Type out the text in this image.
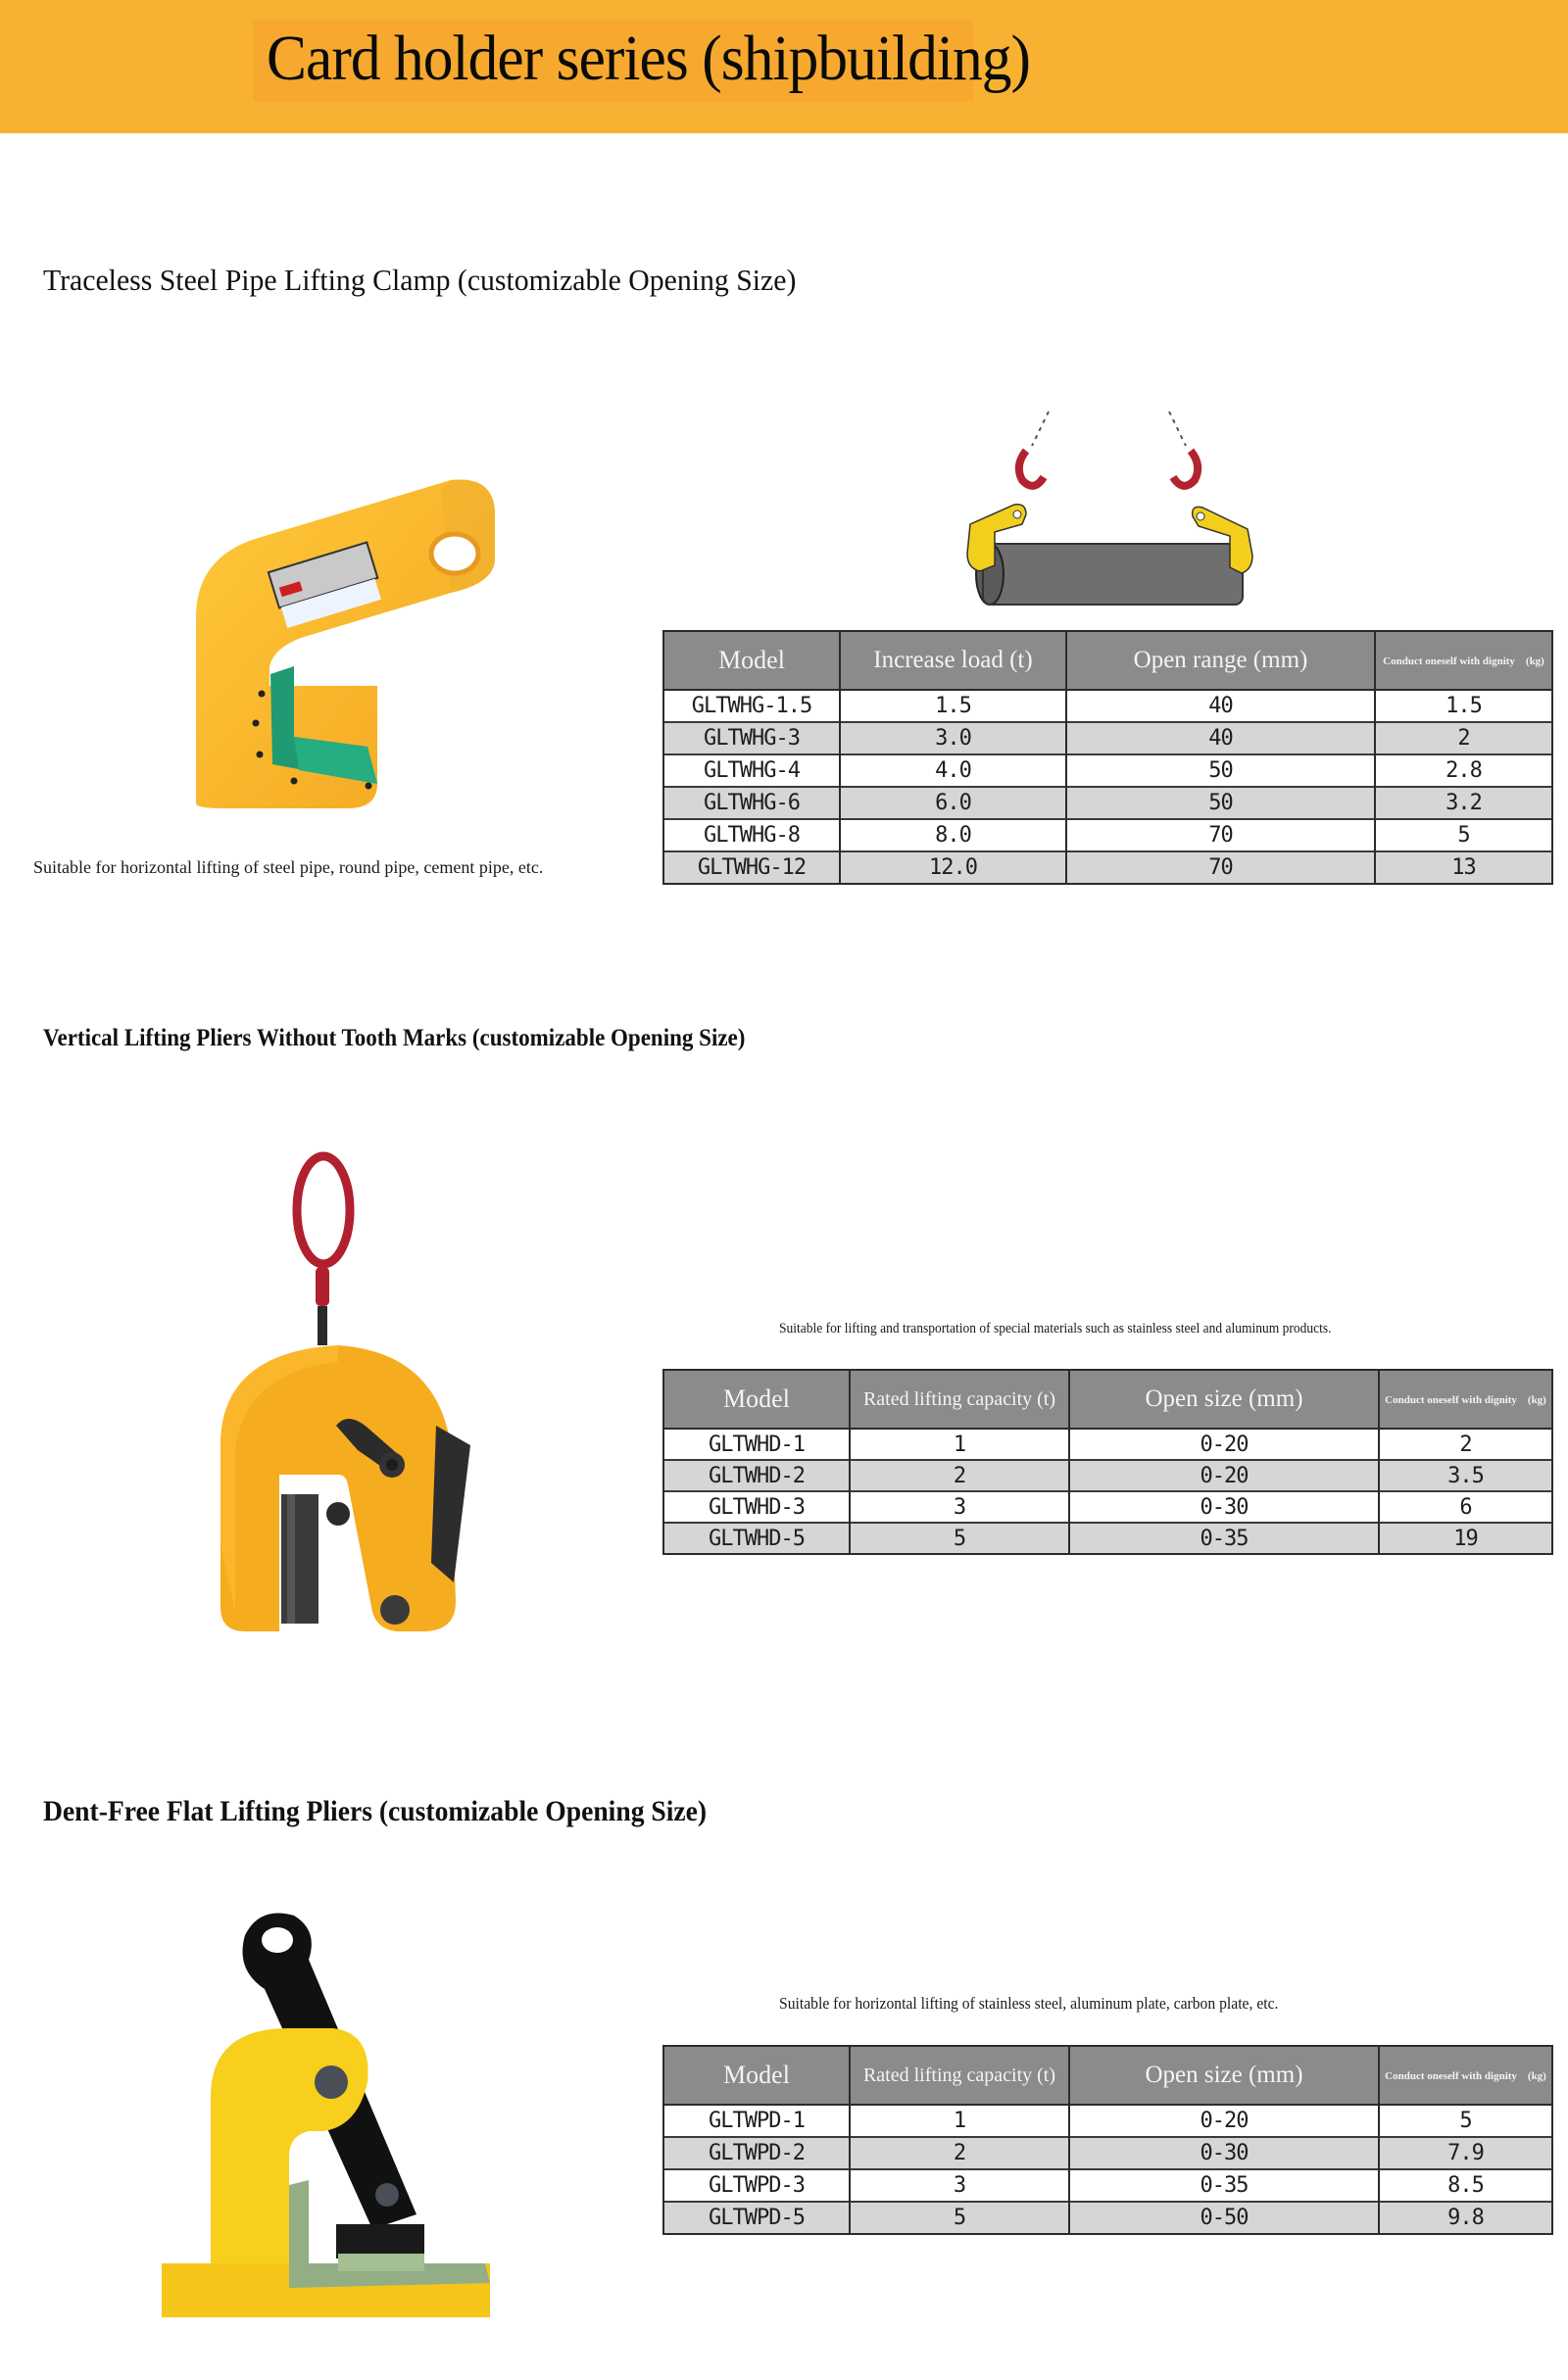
Card holder series (shipbuilding)
Traceless Steel Pipe Lifting Clamp (customizable Opening Size)
Suitable for horizontal lifting of steel pipe, round pipe, cement pipe, etc.
Model	Increase load (t)	Open range (mm)	Conduct oneself with dignity　(kg)
GLTWHG-1.5	1.5	40	1.5
GLTWHG-3	3.0	40	2
GLTWHG-4	4.0	50	2.8
GLTWHG-6	6.0	50	3.2
GLTWHG-8	8.0	70	5
GLTWHG-12	12.0	70	13
Vertical Lifting Pliers Without Tooth Marks (customizable Opening Size)
Suitable for lifting and transportation of special materials such as stainless steel and aluminum products.
Model	Rated lifting capacity (t)	Open size (mm)	Conduct oneself with dignity　(kg)
GLTWHD-1	1	0-20	2
GLTWHD-2	2	0-20	3.5
GLTWHD-3	3	0-30	6
GLTWHD-5	5	0-35	19
Dent-Free Flat Lifting Pliers (customizable Opening Size)
Suitable for horizontal lifting of stainless steel, aluminum plate, carbon plate, etc.
Model	Rated lifting capacity (t)	Open size (mm)	Conduct oneself with dignity　(kg)
GLTWPD-1	1	0-20	5
GLTWPD-2	2	0-30	7.9
GLTWPD-3	3	0-35	8.5
GLTWPD-5	5	0-50	9.8
